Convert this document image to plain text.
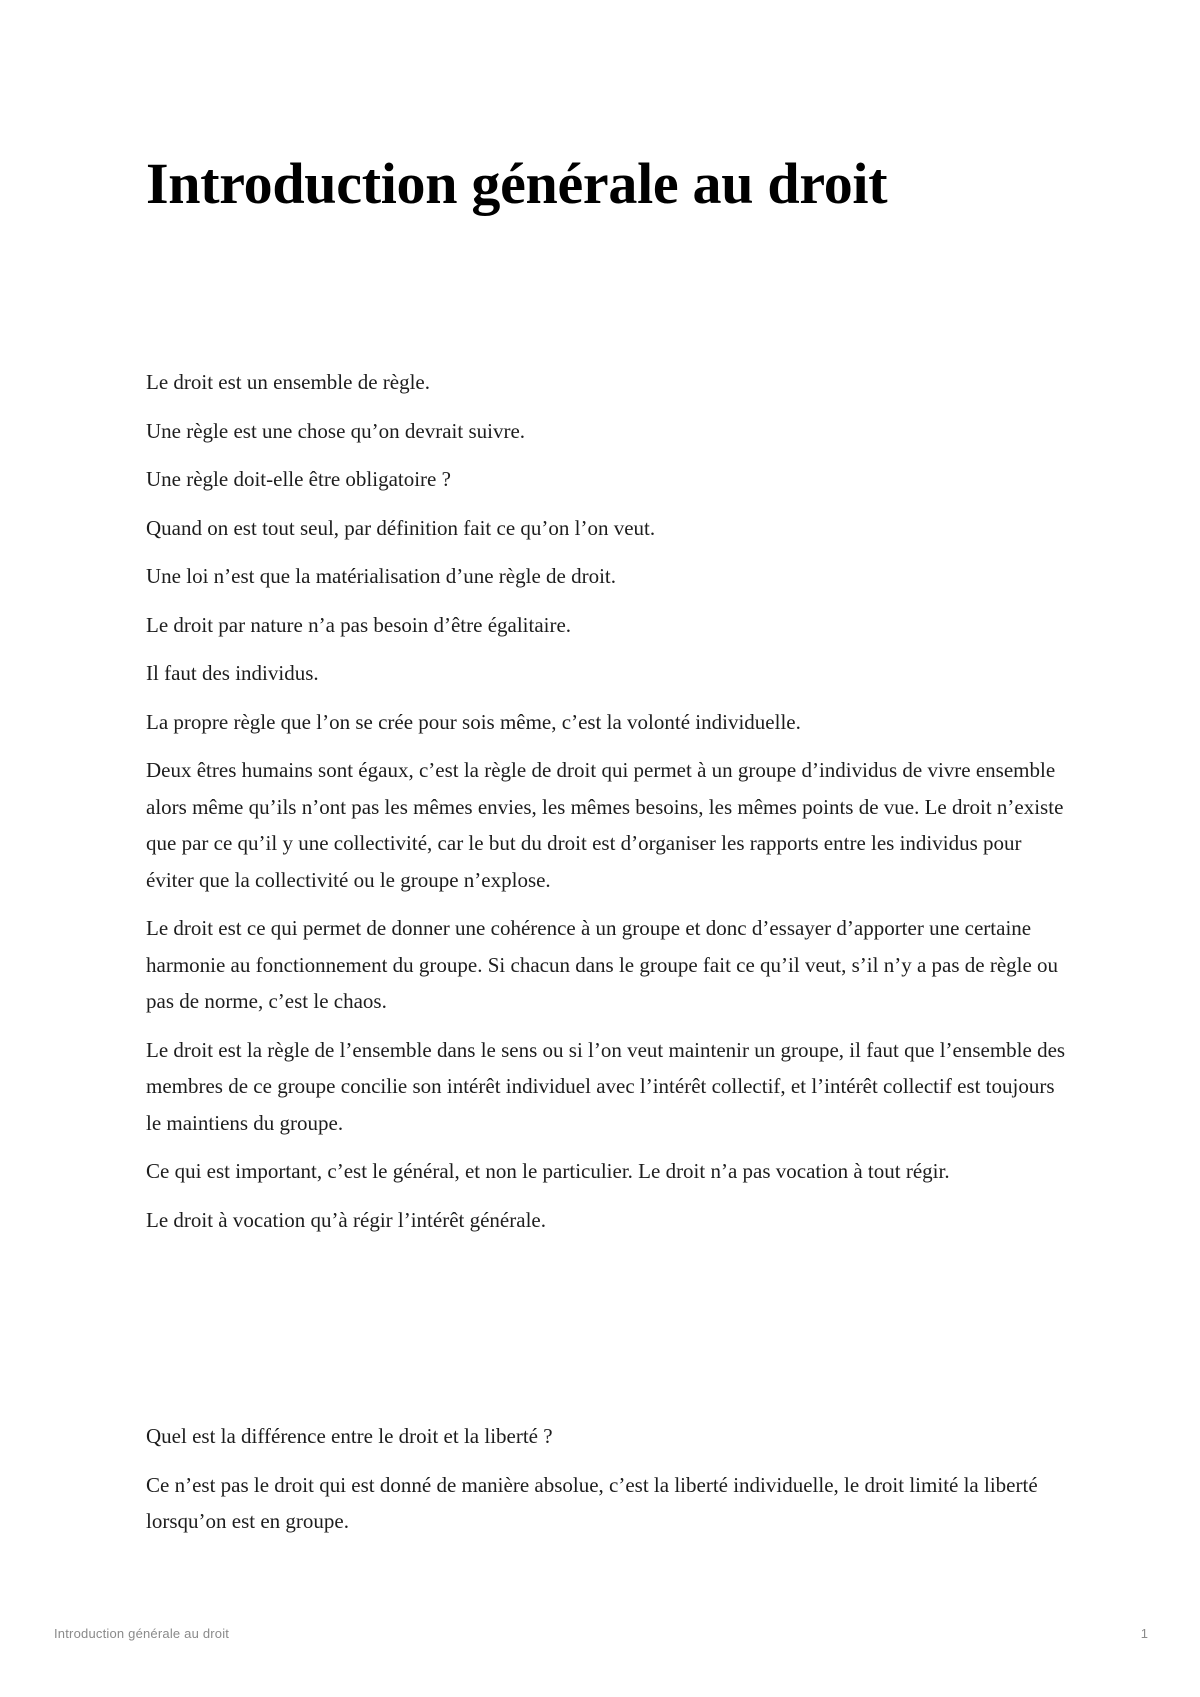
Introduction générale au droit

Le droit est un ensemble de règle.

Une règle est une chose qu’on devrait suivre.

Une règle doit-elle être obligatoire ?

Quand on est tout seul, par définition fait ce qu’on l’on veut.

Une loi n’est que la matérialisation d’une règle de droit.

Le droit par nature n’a pas besoin d’être égalitaire.

Il faut des individus.

La propre règle que l’on se crée pour sois même, c’est la volonté individuelle.

Deux êtres humains sont égaux, c’est la règle de droit qui permet à un groupe d’individus de vivre ensemble alors même qu’ils n’ont pas les mêmes envies, les mêmes besoins, les mêmes points de vue. Le droit n’existe que par ce qu’il y une collectivité, car le but du droit est d’organiser les rapports entre les individus pour éviter que la collectivité ou le groupe n’explose.

Le droit est ce qui permet de donner une cohérence à un groupe et donc d’essayer d’apporter une certaine harmonie au fonctionnement du groupe. Si chacun dans le groupe fait ce qu’il veut, s’il n’y a pas de règle ou pas de norme, c’est le chaos.

Le droit est la règle de l’ensemble dans le sens ou si l’on veut maintenir un groupe, il faut que l’ensemble des membres de ce groupe concilie son intérêt individuel avec l’intérêt collectif, et l’intérêt collectif est toujours le maintiens du groupe.

Ce qui est important, c’est le général, et non le particulier. Le droit n’a pas vocation à tout régir.

Le droit à vocation qu’à régir l’intérêt générale.

Quel est la différence entre le droit et la liberté ?

Ce n’est pas le droit qui est donné de manière absolue, c’est la liberté individuelle, le droit limité la liberté lorsqu’on est en groupe.

Introduction générale au droit	1
